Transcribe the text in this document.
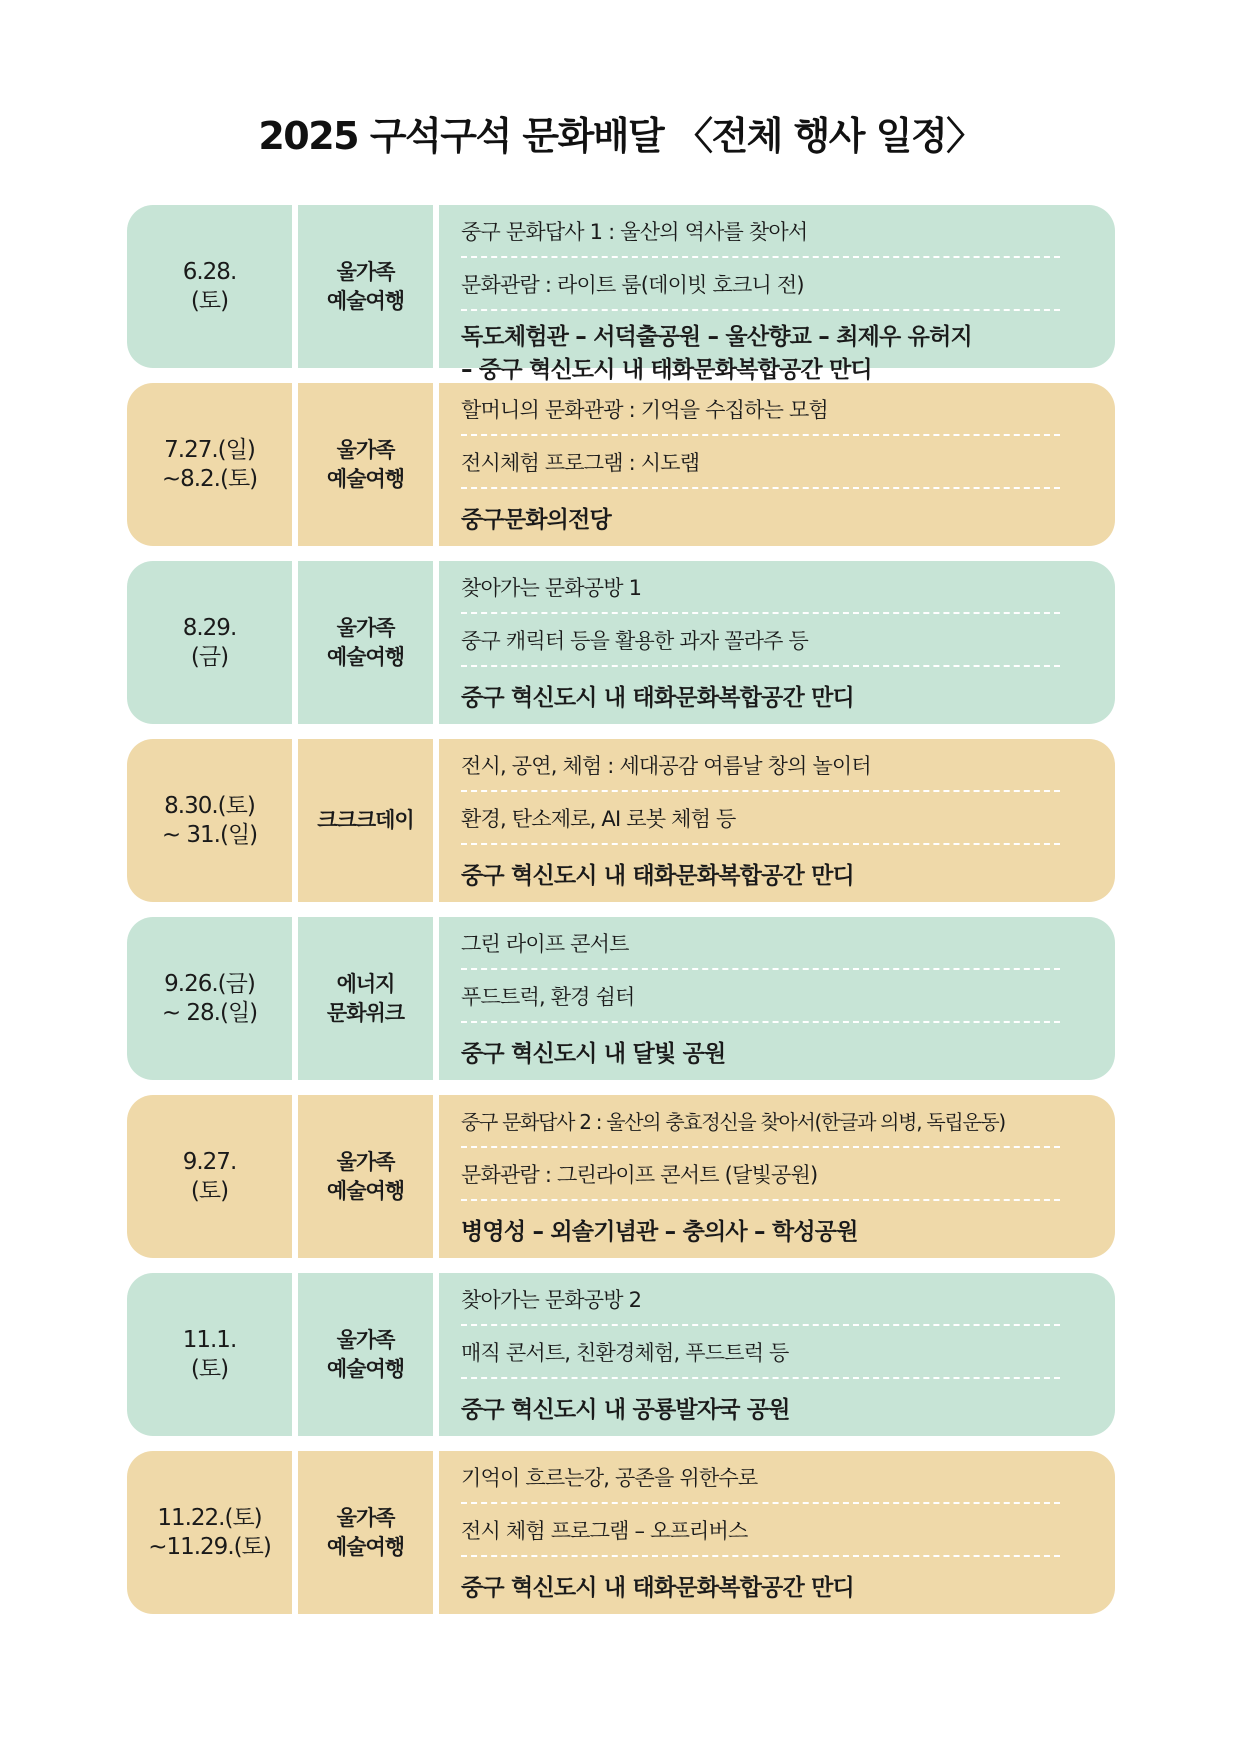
2025 구석구석 문화배달 〈전체 행사 일정〉
6.28.
(토)
울가족
예술여행
중구 문화답사 1 : 울산의 역사를 찾아서
문화관람 : 라이트 룸(데이빗 호크니 전)
독도체험관 – 서덕출공원 – 울산향교 – 최제우 유허지
– 중구 혁신도시 내 태화문화복합공간 만디
7.27.(일)
~8.2.(토)
울가족
예술여행
할머니의 문화관광 : 기억을 수집하는 모험
전시체험 프로그램 : 시도랩
중구문화의전당
8.29.
(금)
울가족
예술여행
찾아가는 문화공방 1
중구 캐릭터 등을 활용한 과자 꼴라주 등
중구 혁신도시 내 태화문화복합공간 만디
8.30.(토)
~ 31.(일)
크크크데이
전시, 공연, 체험 : 세대공감 여름날 창의 놀이터
환경, 탄소제로, AI 로봇 체험 등
중구 혁신도시 내 태화문화복합공간 만디
9.26.(금)
~ 28.(일)
에너지
문화위크
그린 라이프 콘서트
푸드트럭, 환경 쉼터
중구 혁신도시 내 달빛 공원
9.27.
(토)
울가족
예술여행
중구 문화답사 2 : 울산의 충효정신을 찾아서(한글과 의병, 독립운동)
문화관람 : 그린라이프 콘서트 (달빛공원)
병영성 – 외솔기념관 – 충의사 – 학성공원
11.1.
(토)
울가족
예술여행
찾아가는 문화공방 2
매직 콘서트, 친환경체험, 푸드트럭 등
중구 혁신도시 내 공룡발자국 공원
11.22.(토)
~11.29.(토)
울가족
예술여행
기억이 흐르는강, 공존을 위한수로
전시 체험 프로그램 – 오프리버스
중구 혁신도시 내 태화문화복합공간 만디
